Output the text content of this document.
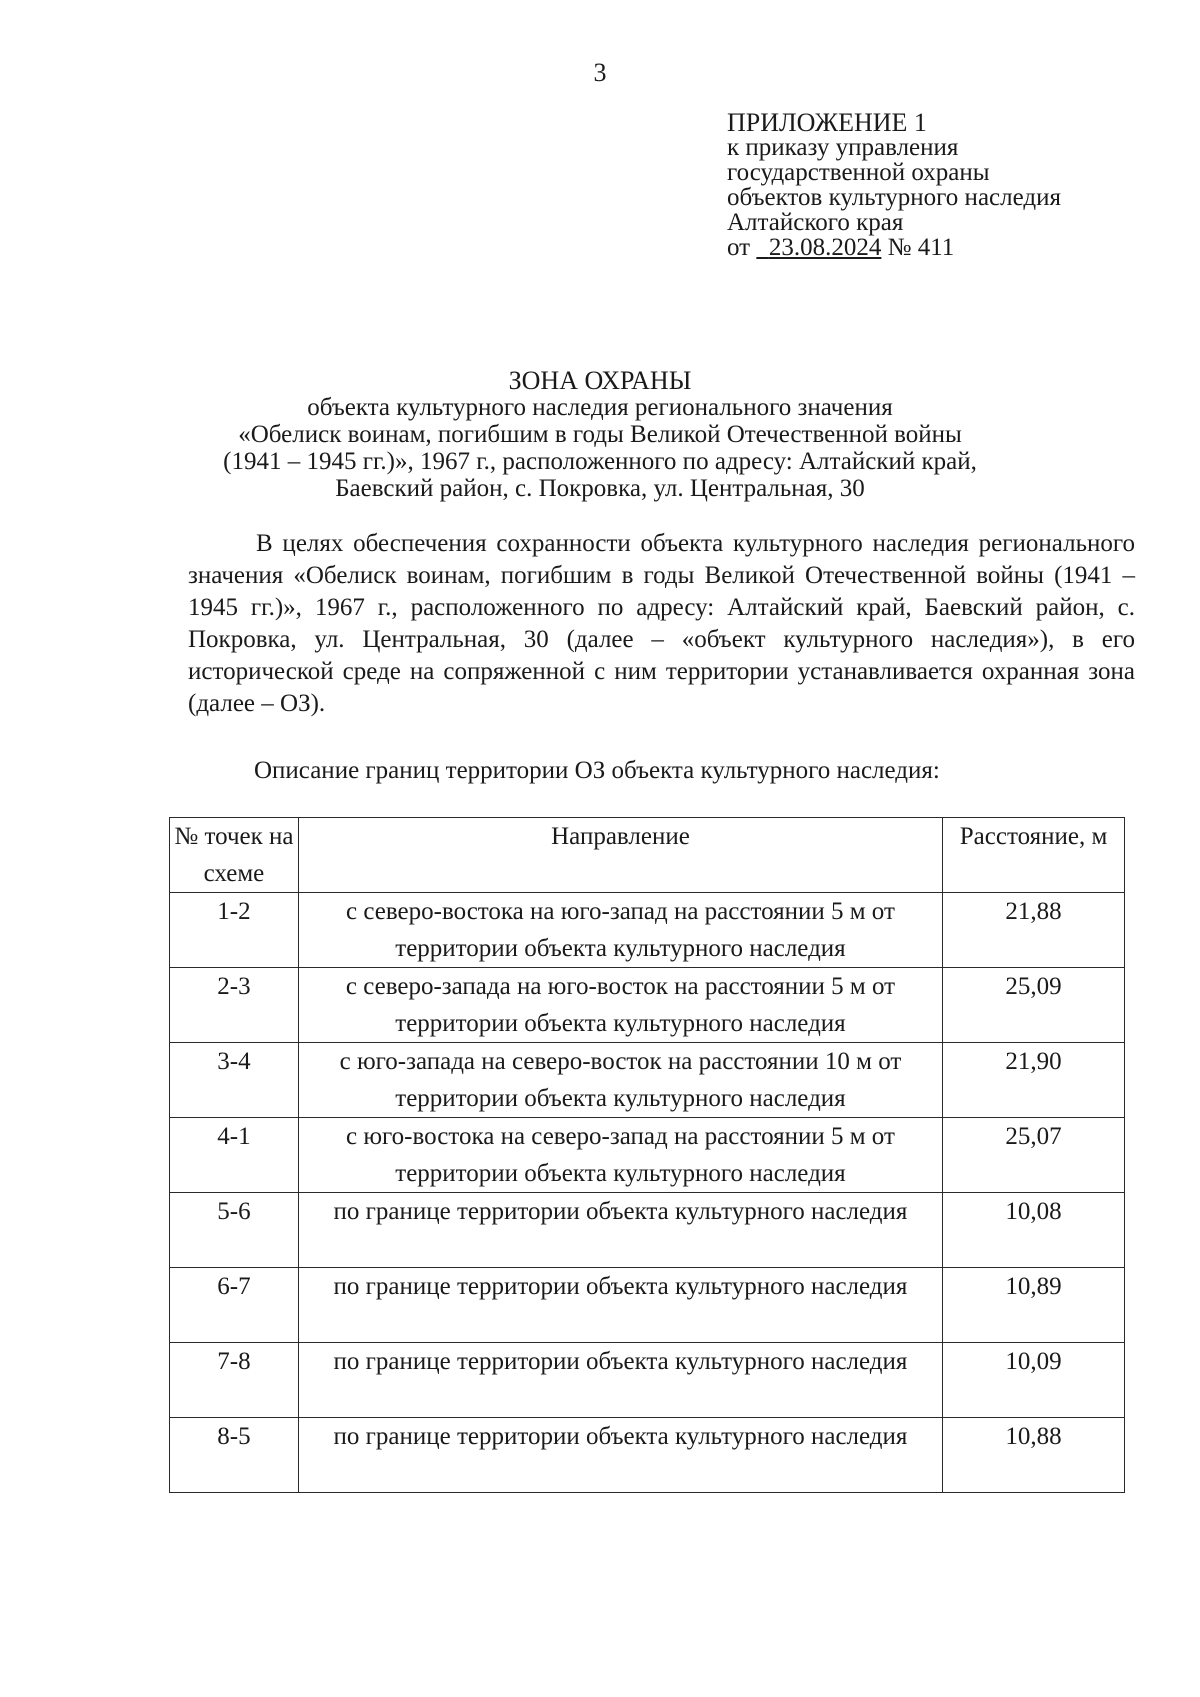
3
ПРИЛОЖЕНИЕ 1
к приказу управления
государственной охраны
объектов культурного наследия
Алтайского края
от 23.08.2024 № 411
ЗОНА ОХРАНЫ
объекта культурного наследия регионального значения
«Обелиск воинам, погибшим в годы Великой Отечественной войны
(1941 – 1945 гг.)», 1967 г., расположенного по адресу: Алтайский край,
Баевский район, с. Покровка, ул. Центральная, 30

В целях обеспечения сохранности объекта культурного наследия регионального значения «Обелиск воинам, погибшим в годы Великой Отечественной войны (1941 – 1945 гг.)», 1967 г., расположенного по адресу: Алтайский край, Баевский район, с. Покровка, ул. Центральная, 30 (далее – «объект культурного наследия»), в его исторической среде на сопряженной с ним территории устанавливается охранная зона (далее – ОЗ).

Описание границ территории ОЗ объекта культурного наследия:
№ точек на схеме	Направление	Расстояние, м
1-2	с северо-востока на юго-запад на расстоянии 5 м от территории объекта культурного наследия	21,88
2-3	с северо-запада на юго-восток на расстоянии 5 м от территории объекта культурного наследия	25,09
3-4	с юго-запада на северо-восток на расстоянии 10 м от территории объекта культурного наследия	21,90
4-1	с юго-востока на северо-запад на расстоянии 5 м от территории объекта культурного наследия	25,07
5-6	по границе территории объекта культурного наследия	10,08
6-7	по границе территории объекта культурного наследия	10,89
7-8	по границе территории объекта культурного наследия	10,09
8-5	по границе территории объекта культурного наследия	10,88
